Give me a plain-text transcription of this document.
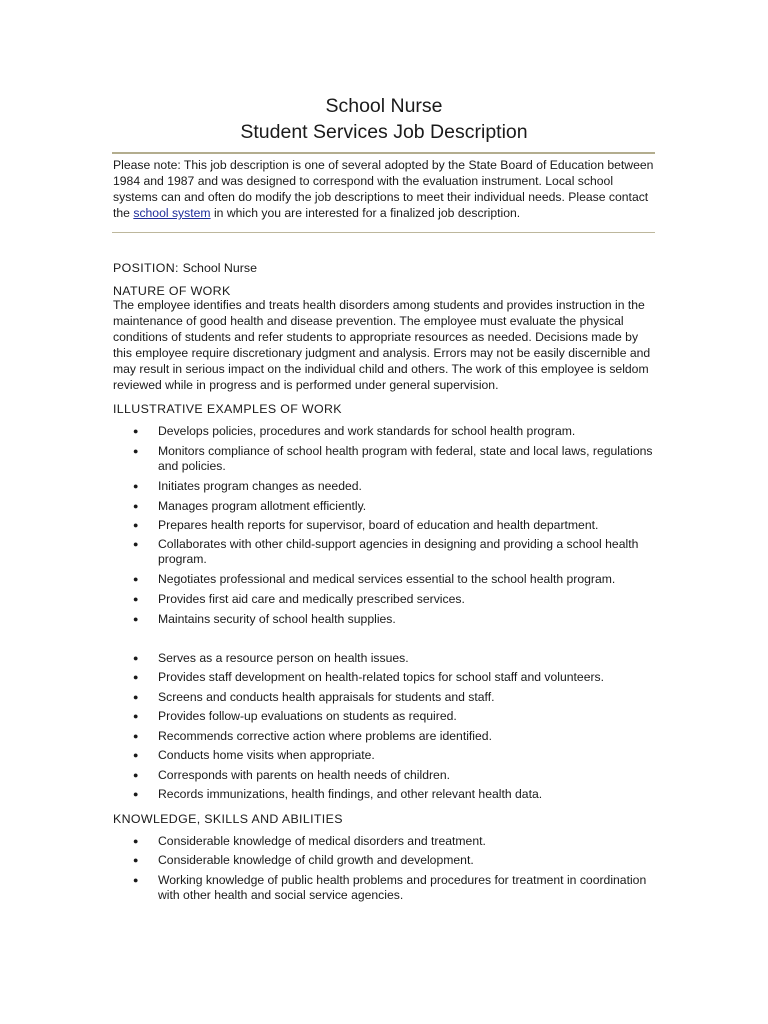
School Nurse
Student Services Job Description

Please note: This job description is one of several adopted by the State Board of Education between 1984 and 1987 and was designed to correspond with the evaluation instrument. Local school systems can and often do modify the job descriptions to meet their individual needs. Please contact the school system in which you are interested for a finalized job description.

POSITION: School Nurse

NATURE OF WORK

The employee identifies and treats health disorders among students and provides instruction in the maintenance of good health and disease prevention. The employee must evaluate the physical conditions of students and refer students to appropriate resources as needed. Decisions made by this employee require discretionary judgment and analysis. Errors may not be easily discernible and may result in serious impact on the individual child and others. The work of this employee is seldom reviewed while in progress and is performed under general supervision.

ILLUSTRATIVE EXAMPLES OF WORK
● Develops policies, procedures and work standards for school health program.
● Monitors compliance of school health program with federal, state and local laws, regulations and policies.
● Initiates program changes as needed.
● Manages program allotment efficiently.
● Prepares health reports for supervisor, board of education and health department.
● Collaborates with other child-support agencies in designing and providing a school health program.
● Negotiates professional and medical services essential to the school health program.
● Provides first aid care and medically prescribed services.
● Maintains security of school health supplies.
● Serves as a resource person on health issues.
● Provides staff development on health-related topics for school staff and volunteers.
● Screens and conducts health appraisals for students and staff.
● Provides follow-up evaluations on students as required.
● Recommends corrective action where problems are identified.
● Conducts home visits when appropriate.
● Corresponds with parents on health needs of children.
● Records immunizations, health findings, and other relevant health data.
KNOWLEDGE, SKILLS AND ABILITIES
● Considerable knowledge of medical disorders and treatment.
● Considerable knowledge of child growth and development.
● Working knowledge of public health problems and procedures for treatment in coordination with other health and social service agencies.
